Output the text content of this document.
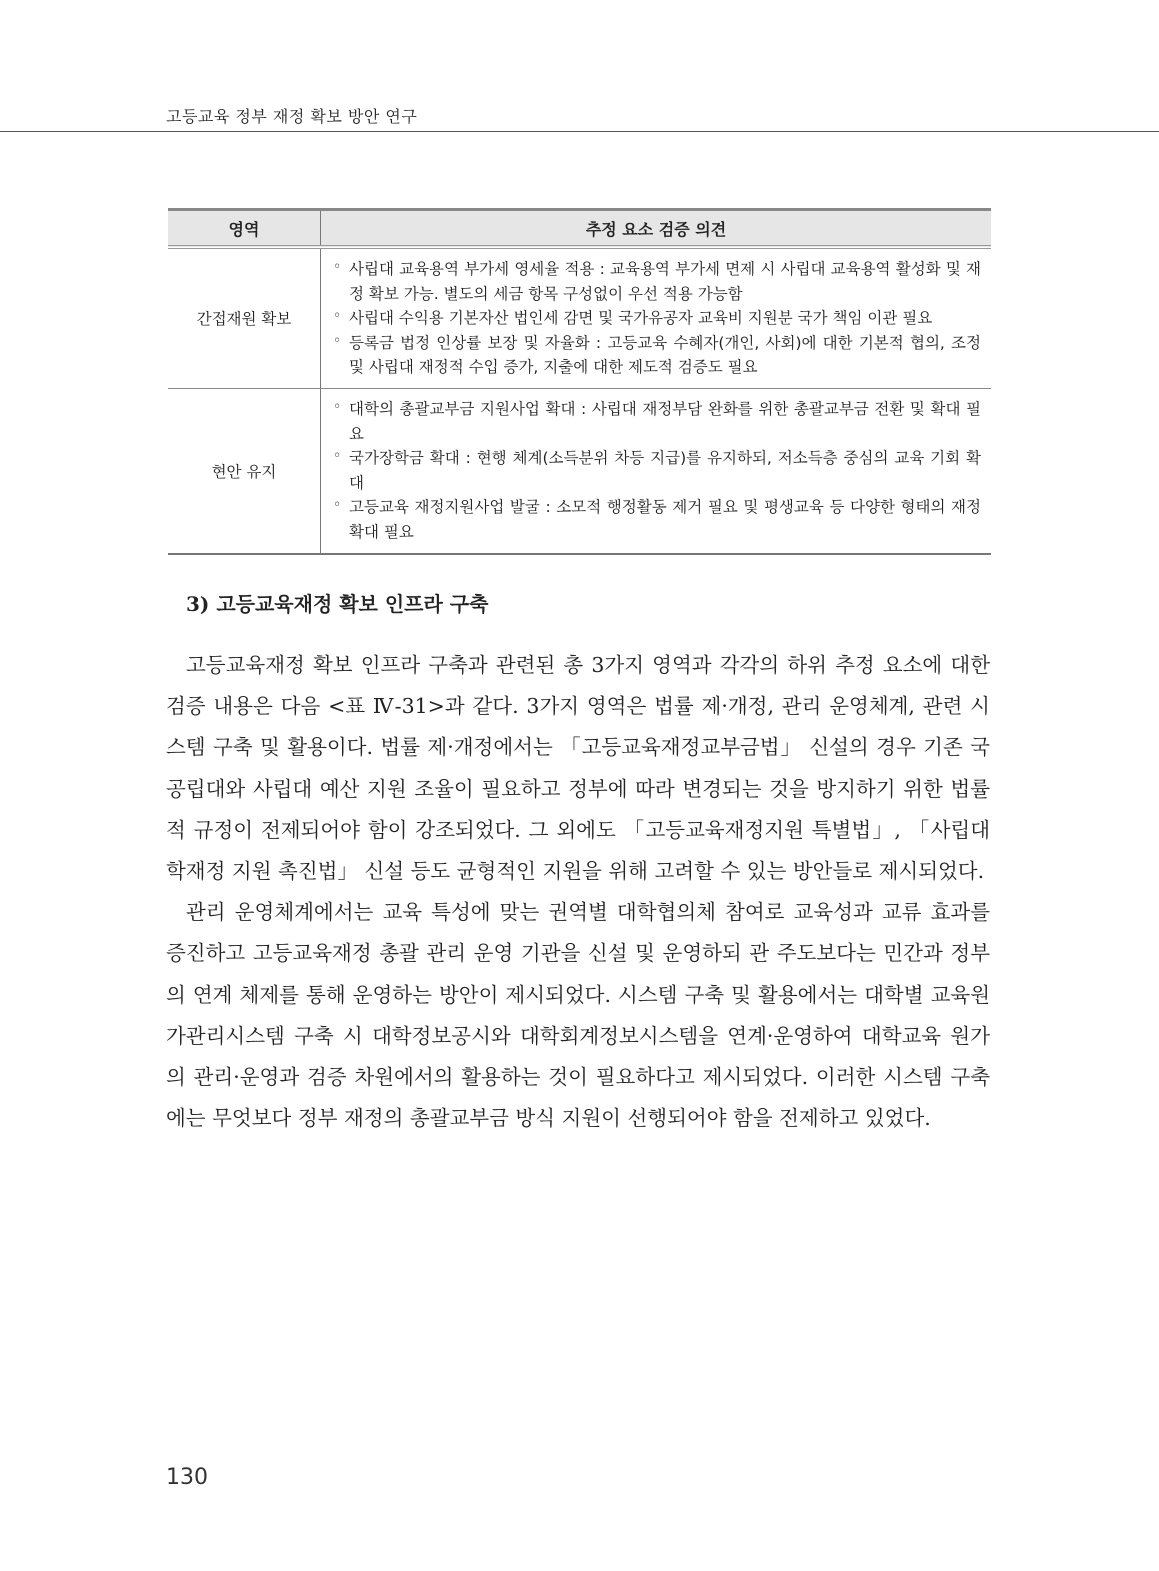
고등교육 정부 재정 확보 방안 연구
영역	추정 요소 검증 의견
간접재원 확보	◦ 사립대 교육용역 부가세 영세율 적용 : 교육용역 부가세 면제 시 사립대 교육용역 활성화 및 재정 확보 가능. 별도의 세금 항목 구성없이 우선 적용 가능함
◦ 사립대 수익용 기본자산 법인세 감면 및 국가유공자 교육비 지원분 국가 책임 이관 필요
◦ 등록금 법정 인상률 보장 및 자율화 : 고등교육 수혜자(개인, 사회)에 대한 기본적 협의, 조정 및 사립대 재정적 수입 증가, 지출에 대한 제도적 검증도 필요

현안 유지	◦ 대학의 총괄교부금 지원사업 확대 : 사립대 재정부담 완화를 위한 총괄교부금 전환 및 확대 필요
◦ 국가장학금 확대 : 현행 체계(소득분위 차등 지급)를 유지하되, 저소득층 중심의 교육 기회 확대
◦ 고등교육 재정지원사업 발굴 : 소모적 행정활동 제거 필요 및 평생교육 등 다양한 형태의 재정 확대 필요
3) 고등교육재정 확보 인프라 구축

고등교육재정 확보 인프라 구축과 관련된 총 3가지 영역과 각각의 하위 추정 요소에 대한 검증 내용은 다음 <표 Ⅳ-31>과 같다. 3가지 영역은 법률 제·개정, 관리 운영체계, 관련 시스템 구축 및 활용이다. 법률 제·개정에서는 「고등교육재정교부금법」 신설의 경우 기존 국공립대와 사립대 예산 지원 조율이 필요하고 정부에 따라 변경되는 것을 방지하기 위한 법률적 규정이 전제되어야 함이 강조되었다. 그 외에도 「고등교육재정지원 특별법」, 「사립대학재정 지원 촉진법」 신설 등도 균형적인 지원을 위해 고려할 수 있는 방안들로 제시되었다.

관리 운영체계에서는 교육 특성에 맞는 권역별 대학협의체 참여로 교육성과 교류 효과를 증진하고 고등교육재정 총괄 관리 운영 기관을 신설 및 운영하되 관 주도보다는 민간과 정부의 연계 체제를 통해 운영하는 방안이 제시되었다. 시스템 구축 및 활용에서는 대학별 교육원가관리시스템 구축 시 대학정보공시와 대학회계정보시스템을 연계·운영하여 대학교육 원가의 관리·운영과 검증 차원에서의 활용하는 것이 필요하다고 제시되었다. 이러한 시스템 구축에는 무엇보다 정부 재정의 총괄교부금 방식 지원이 선행되어야 함을 전제하고 있었다.

130
